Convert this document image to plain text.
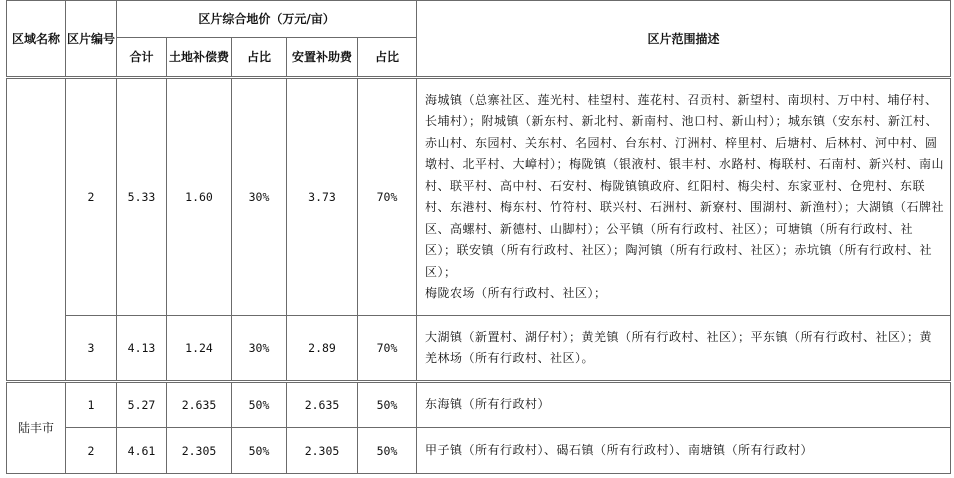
区域名称	区片编号	区片综合地价（万元/亩）					区片范围描述
		合计	土地补偿费	占比	安置补助费	占比	
	2	5.33	1.60	30%	3.73	70%	海城镇（总寨社区、莲光村、桂望村、莲花村、召贡村、新望村、南坝村、万中村、埔仔村、长埔村）；附城镇（新东村、新北村、新南村、池口村、新山村）；城东镇（安东村、新江村、赤山村、东园村、关东村、名园村、台东村、汀洲村、梓里村、后塘村、后林村、河中村、圆墩村、北平村、大嶂村）；梅陇镇（银液村、银丰村、水路村、梅联村、石南村、新兴村、南山村、联平村、高中村、石安村、梅陇镇镇政府、红阳村、梅尖村、东家亚村、仓兜村、东联村、东港村、梅东村、竹符村、联兴村、石洲村、新寮村、围湖村、新渔村）；大湖镇（石牌社区、高螺村、新德村、山脚村）；公平镇（所有行政村、社区）；可塘镇（所有行政村、社区）；联安镇（所有行政村、社区）；陶河镇（所有行政村、社区）；赤坑镇（所有行政村、社区）；
梅陇农场（所有行政村、社区）；
	3	4.13	1.24	30%	2.89	70%	大湖镇（新置村、湖仔村）；黄羌镇（所有行政村、社区）；平东镇（所有行政村、社区）；黄羌林场（所有行政村、社区）。
陆丰市	1	5.27	2.635	50%	2.635	50%	东海镇（所有行政村）
	2	4.61	2.305	50%	2.305	50%	甲子镇（所有行政村）、碣石镇（所有行政村）、南塘镇（所有行政村）
